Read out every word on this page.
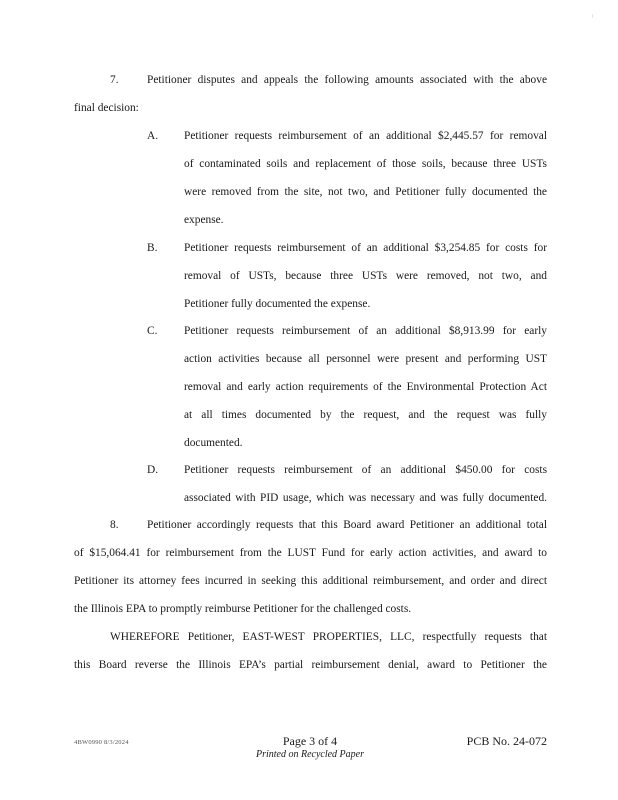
7. Petitioner disputes and appeals the following amounts associated with the above
final decision:
A. Petitioner requests reimbursement of an additional $2,445.57 for removal
of contaminated soils and replacement of those soils, because three USTs
were removed from the site, not two, and Petitioner fully documented the
expense.
B. Petitioner requests reimbursement of an additional $3,254.85 for costs for
removal of USTs, because three USTs were removed, not two, and
Petitioner fully documented the expense.
C. Petitioner requests reimbursement of an additional $8,913.99 for early
action activities because all personnel were present and performing UST
removal and early action requirements of the Environmental Protection Act
at all times documented by the request, and the request was fully
documented.
D. Petitioner requests reimbursement of an additional $450.00 for costs
associated with PID usage, which was necessary and was fully documented.
8. Petitioner accordingly requests that this Board award Petitioner an additional total
of $15,064.41 for reimbursement from the LUST Fund for early action activities, and award to
Petitioner its attorney fees incurred in seeking this additional reimbursement, and order and direct
the Illinois EPA to promptly reimburse Petitioner for the challenged costs.
WHEREFORE Petitioner, EAST-WEST PROPERTIES, LLC, respectfully requests that
this Board reverse the Illinois EPA’s partial reimbursement denial, award to Petitioner the
4BW0990 8/3/2024	Page 3 of 4
Printed on Recycled Paper
PCB No. 24-072
